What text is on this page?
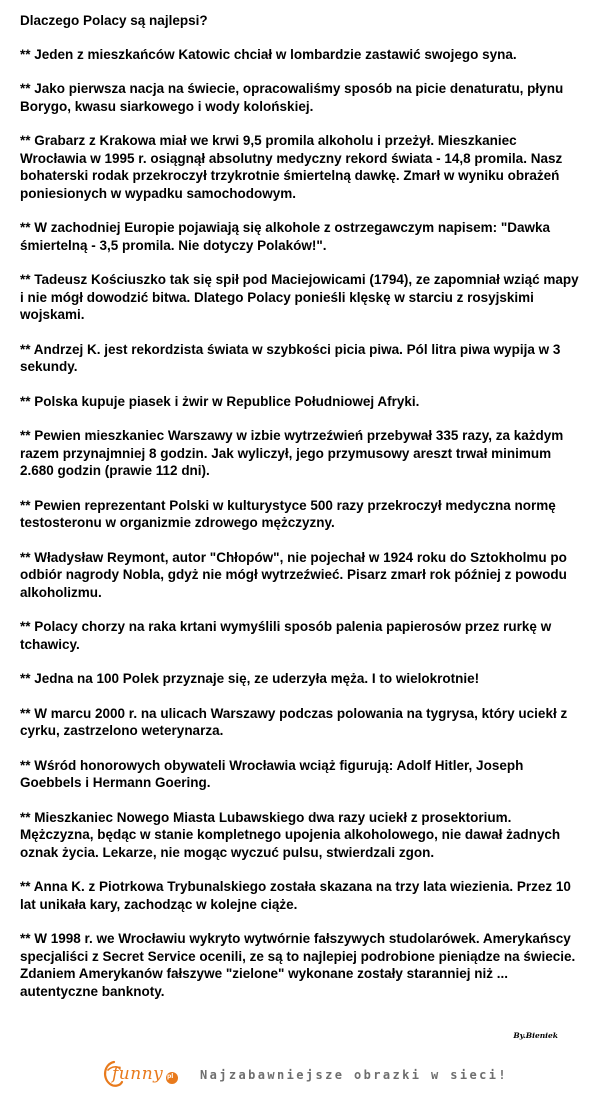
Dlaczego Polacy są najlepsi?
** Jeden z mieszkańców Katowic chciał w lombardzie zastawić swojego syna.
** Jako pierwsza nacja na świecie, opracowaliśmy sposób na picie denaturatu, płynu Borygo, kwasu siarkowego i wody kolońskiej.
** Grabarz z Krakowa miał we krwi 9,5 promila alkoholu i przeżył. Mieszkaniec Wrocławia w 1995 r. osiągnął absolutny medyczny rekord świata - 14,8 promila. Nasz bohaterski rodak przekroczył trzykrotnie śmiertelną dawkę. Zmarł w wyniku obrażeń poniesionych w wypadku samochodowym.
** W zachodniej Europie pojawiają się alkohole z ostrzegawczym napisem: "Dawka śmiertelną - 3,5 promila. Nie dotyczy Polaków!".
** Tadeusz Kościuszko tak się spił pod Maciejowicami (1794), ze zapomniał wziąć mapy i nie mógł dowodzić bitwa. Dlatego Polacy ponieśli klęskę w starciu z rosyjskimi wojskami.
** Andrzej K. jest rekordzista świata w szybkości picia piwa. Pól litra piwa wypija w 3 sekundy.
** Polska kupuje piasek i żwir w Republice Południowej Afryki.
** Pewien mieszkaniec Warszawy w izbie wytrzeźwień przebywał 335 razy, za każdym razem przynajmniej 8 godzin. Jak wyliczył, jego przymusowy areszt trwał minimum 2.680 godzin (prawie 112 dni).
** Pewien reprezentant Polski w kulturystyce 500 razy przekroczył medyczna normę testosteronu w organizmie zdrowego mężczyzny.
** Władysław Reymont, autor "Chłopów", nie pojechał w 1924 roku do Sztokholmu po odbiór nagrody Nobla, gdyż nie mógł wytrzeźwieć. Pisarz zmarł rok później z powodu alkoholizmu.
** Polacy chorzy na raka krtani wymyślili sposób palenia papierosów przez rurkę w tchawicy.
** Jedna na 100 Polek przyznaje się, ze uderzyła męża. I to wielokrotnie!
** W marcu 2000 r. na ulicach Warszawy podczas polowania na tygrysa, który uciekł z cyrku, zastrzelono weterynarza.
** Wśród honorowych obywateli Wrocławia wciąż figurują: Adolf Hitler, Joseph Goebbels i Hermann Goering.
** Mieszkaniec Nowego Miasta Lubawskiego dwa razy uciekł z prosektorium. Mężczyzna, będąc w stanie kompletnego upojenia alkoholowego, nie dawał żadnych oznak życia. Lekarze, nie mogąc wyczuć pulsu, stwierdzali zgon.
** Anna K. z Piotrkowa Trybunalskiego została skazana na trzy lata wiezienia. Przez 10 lat unikała kary, zachodząc w kolejne ciąże.
** W 1998 r. we Wrocławiu wykryto wytwórnie fałszywych studolarówek. Amerykańscy specjaliści z Secret Service ocenili, ze są to najlepiej podrobione pieniądze na świecie. Zdaniem Amerykanów fałszywe "zielone" wykonane zostały staranniej niż ... autentyczne banknoty.
By.Bieniek
funny pl Najzabawniejsze obrazki w sieci!
